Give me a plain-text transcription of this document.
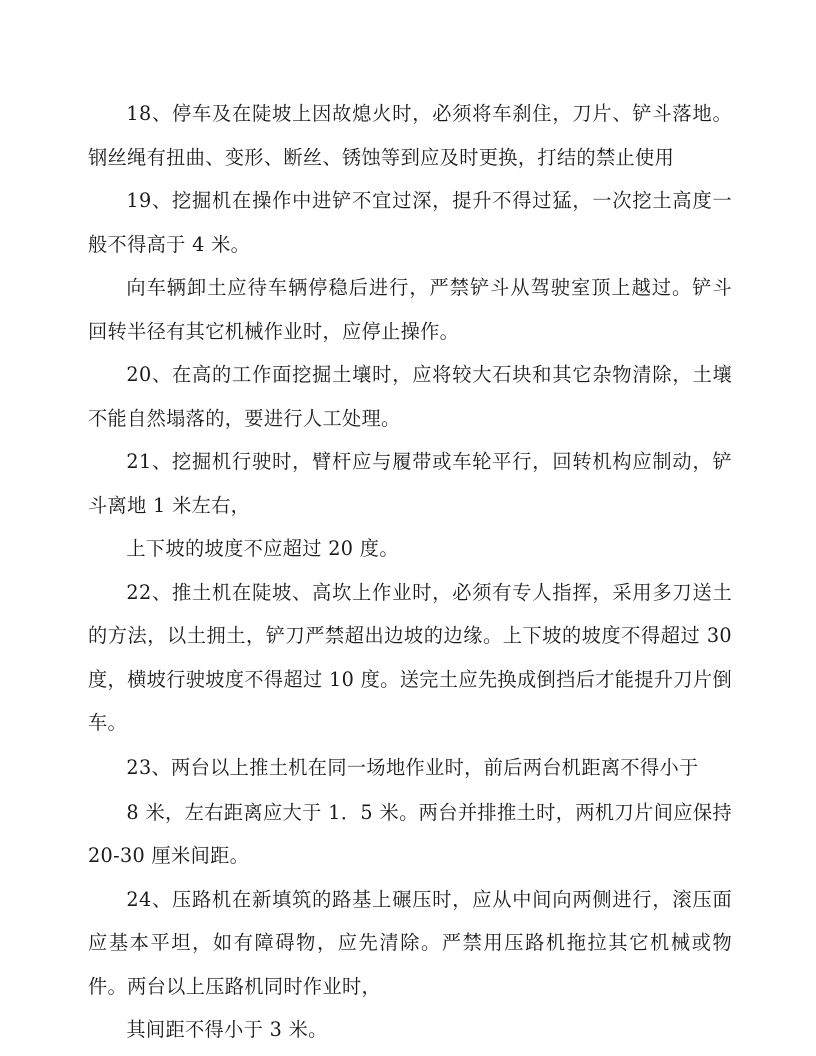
18、停车及在陡坡上因故熄火时，必须将车刹住，刀片、铲斗落地。钢丝绳有扭曲、变形、断丝、锈蚀等到应及时更换，打结的禁止使用

19、挖掘机在操作中进铲不宜过深，提升不得过猛，一次挖土高度一般不得高于 4 米。

向车辆卸土应待车辆停稳后进行，严禁铲斗从驾驶室顶上越过。铲斗回转半径有其它机械作业时，应停止操作。

20、在高的工作面挖掘土壤时，应将较大石块和其它杂物清除，土壤不能自然塌落的，要进行人工处理。

21、挖掘机行驶时，臂杆应与履带或车轮平行，回转机构应制动，铲斗离地 1 米左右，

上下坡的坡度不应超过 20 度。

22、推土机在陡坡、高坎上作业时，必须有专人指挥，采用多刀送土的方法，以土拥土，铲刀严禁超出边坡的边缘。上下坡的坡度不得超过 30 度，横坡行驶坡度不得超过 10 度。送完土应先换成倒挡后才能提升刀片倒车。

23、两台以上推土机在同一场地作业时，前后两台机距离不得小于

8 米，左右距离应大于 1．5 米。两台并排推土时，两机刀片间应保持 20-30 厘米间距。

24、压路机在新填筑的路基上碾压时，应从中间向两侧进行，滚压面应基本平坦，如有障碍物，应先清除。严禁用压路机拖拉其它机械或物件。两台以上压路机同时作业时，

其间距不得小于 3 米。
